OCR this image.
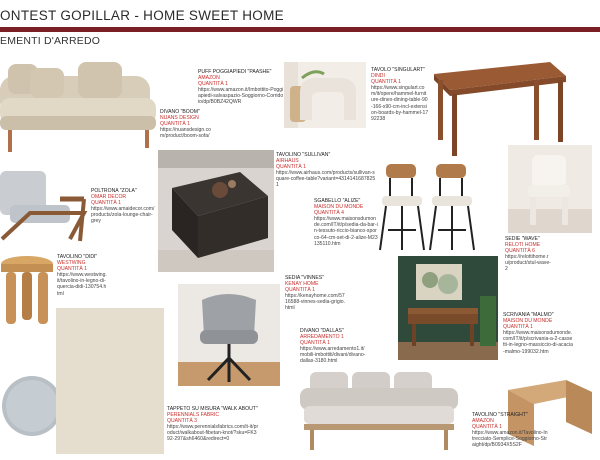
ONTEST GOPILLAR - HOME SWEET HOME
EMENTI D'ARREDO
PUFF POGGIAPIEDI "PAASHE"
AMAZON
QUANTITÀ 1
https://www.amazon.it/Imbottito-Poggiapiedi-salvaspazio-Soggiorno-Corridoio/dp/B0BZ42QWR
DIVANO "BOOM"
NUANS DESIGN
QUANTITÀ 1
https://nuansdesign.com/product/boom-sofa/
TAVOLO "SINGULART"
DINDI
QUANTITÀ 1
https://www.singulart.com/it/opere/hammel-furniture-dinex-dining-table-90-166-x90-cm-incl-extension-boards-by-hammel-1792238
TAVOLINO "SULLIVAN"
AIRHAUS
QUANTITÀ 1
https://www.airhaus.com/products/sullivan-square-coffee-table?variant=43141416878251
POLTRONA "ZOLA"
OMAR DECOR
QUANTITÀ 1
https://www.amaidecor.com/products/zola-lounge-chair-grey
SGABELLO "ALIZE"
MAISON DU MONDE
QUANTITÀ 4
https://www.maisonsdumonde.com/IT/it/p/sedia-da-bar-in-tessuto-riccio-bianco-sporco-64-cm-set-di-2-alize-M23135110.htm
SEDIE "WAVE"
RELOTI HOME
QUANTITÀ 6
https://relottihome.ru/product/stul-wave-2
TAVOLINO "DIDI"
WESTWING
QUANTITÀ 1
https://www.westwing.it/tavolino-in-legno-di-quercia-didi-130754.html
SEDIA "VINNES"
KENAY HOME
QUANTITÀ 1
https://kenayhome.com/5716588-vinnes-sedia-grigio.html
SCRIVANIA "MALMO"
MAISON DU MONDE
QUANTITÀ 1
https://www.maisonsdumonde.com/IT/it/p/scrivania-a-2-cassetti-in-legno-massiccio-di-acacia-malmo-199032.htm
DIVANO "DALLAS"
ARREDAMENTO 1
QUANTITÀ 1
https://www.arredamento1.it/mobili-imbottiti/divani/divano-dallas-3180.html
TAPPETO SU MISURA "WALK ABOUT"
PERENNIALS FABRIC
QUANTITÀ 3
https://www.perennialsfabrics.com/it-it/product/walkabout-fibetan-knot/?sku=FK392-297&sh6460&redirect=0
TAVOLINO "STRAIGHT"
AMAZON
QUANTITÀ 1
https://www.amazon.it/Tavolino-Intrecciato-Semplice-Soggiorno-Straight/dp/B0934X5S2F
